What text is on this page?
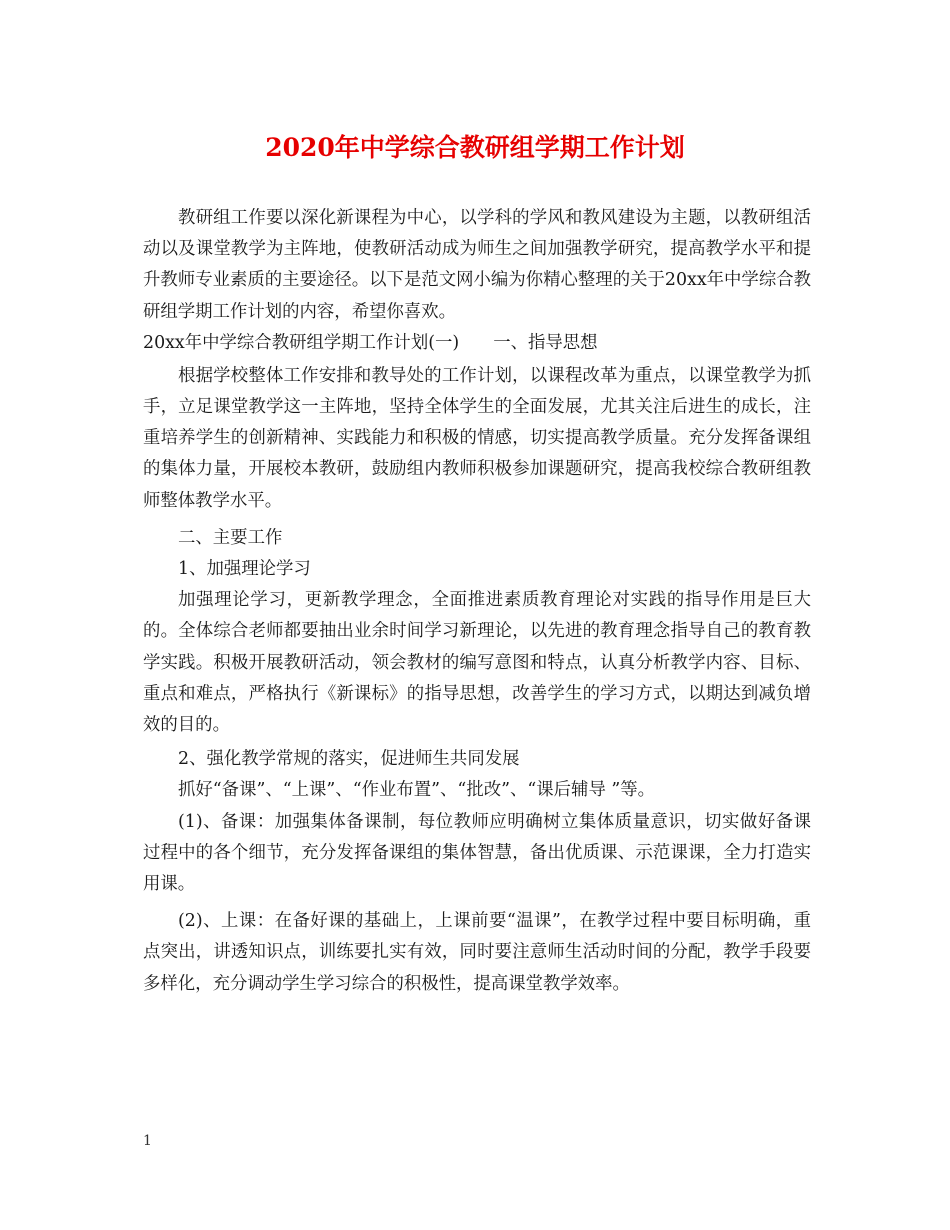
2020年中学综合教研组学期工作计划

教研组工作要以深化新课程为中心，以学科的学风和教风建设为主题，以教研组活动以及课堂教学为主阵地，使教研活动成为师生之间加强教学研究，提高教学水平和提升教师专业素质的主要途径。以下是范文网小编为你精心整理的关于20xx年中学综合教研组学期工作计划的内容，希望你喜欢。

20xx年中学综合教研组学期工作计划(一) 一、指导思想

根据学校整体工作安排和教导处的工作计划，以课程改革为重点，以课堂教学为抓手，立足课堂教学这一主阵地，坚持全体学生的全面发展，尤其关注后进生的成长，注重培养学生的创新精神、实践能力和积极的情感，切实提高教学质量。充分发挥备课组的集体力量，开展校本教研，鼓励组内教师积极参加课题研究，提高我校综合教研组教师整体教学水平。

二、主要工作

1、加强理论学习

加强理论学习，更新教学理念，全面推进素质教育理论对实践的指导作用是巨大的。全体综合老师都要抽出业余时间学习新理论，以先进的教育理念指导自己的教育教学实践。积极开展教研活动，领会教材的编写意图和特点，认真分析教学内容、目标、重点和难点，严格执行《新课标》的指导思想，改善学生的学习方式，以期达到减负增效的目的。

2、强化教学常规的落实，促进师生共同发展

抓好“备课”、“上课”、“作业布置”、“批改”、“课后辅导 ”等。

(1)、备课：加强集体备课制，每位教师应明确树立集体质量意识，切实做好备课过程中的各个细节，充分发挥备课组的集体智慧，备出优质课、示范课课，全力打造实用课。

(2)、上课：在备好课的基础上，上课前要“温课”，在教学过程中要目标明确，重点突出，讲透知识点，训练要扎实有效，同时要注意师生活动时间的分配，教学手段要多样化，充分调动学生学习综合的积极性，提高课堂教学效率。

1
